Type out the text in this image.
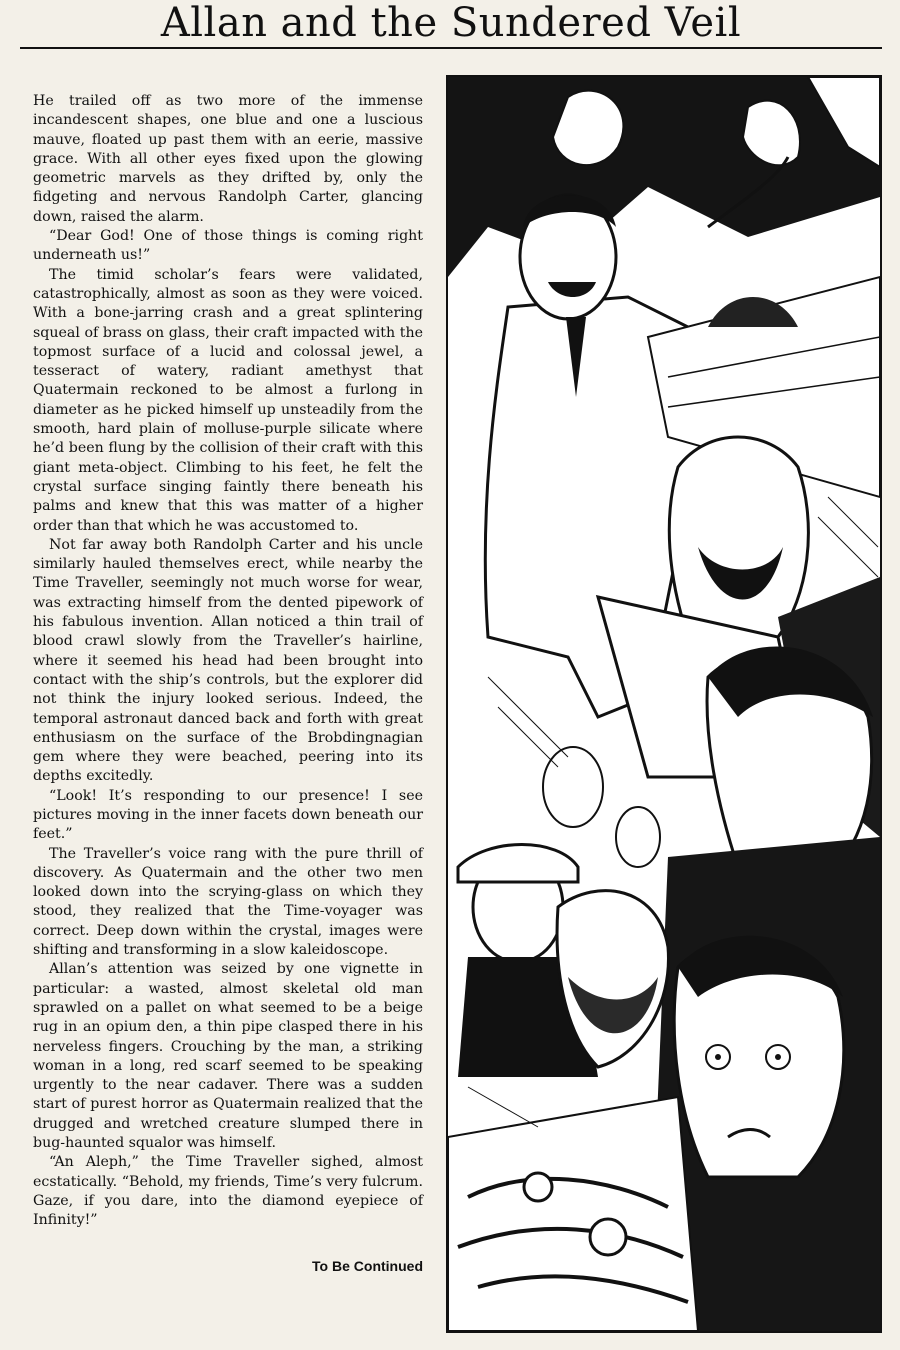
Allan and the Sundered Veil

He trailed off as two more of the immense incandescent shapes, one blue and one a luscious mauve, floated up past them with an eerie, massive grace. With all other eyes fixed upon the glowing geometric marvels as they drifted by, only the fidgeting and nervous Randolph Carter, glancing down, raised the alarm.

“Dear God! One of those things is coming right underneath us!”

The timid scholar’s fears were validated, catastrophically, almost as soon as they were voiced. With a bone-jarring crash and a great splintering squeal of brass on glass, their craft impacted with the topmost surface of a lucid and colossal jewel, a tesseract of watery, radiant amethyst that Quatermain reckoned to be almost a furlong in diameter as he picked himself up unsteadily from the smooth, hard plain of molluse-purple silicate where he’d been flung by the collision of their craft with this giant meta-object. Climbing to his feet, he felt the crystal surface singing faintly there beneath his palms and knew that this was matter of a higher order than that which he was accustomed to.

Not far away both Randolph Carter and his uncle similarly hauled themselves erect, while nearby the Time Traveller, seemingly not much worse for wear, was extracting himself from the dented pipework of his fabulous invention. Allan noticed a thin trail of blood crawl slowly from the Traveller’s hairline, where it seemed his head had been brought into contact with the ship’s controls, but the explorer did not think the injury looked serious. Indeed, the temporal astronaut danced back and forth with great enthusiasm on the surface of the Brobdingnagian gem where they were beached, peering into its depths excitedly.

“Look! It’s responding to our presence! I see pictures moving in the inner facets down beneath our feet.”

The Traveller’s voice rang with the pure thrill of discovery. As Quatermain and the other two men looked down into the scrying-glass on which they stood, they realized that the Time-voyager was correct. Deep down within the crystal, images were shifting and transforming in a slow kaleidoscope.

Allan’s attention was seized by one vignette in particular: a wasted, almost skeletal old man sprawled on a pallet on what seemed to be a beige rug in an opium den, a thin pipe clasped there in his nerveless fingers. Crouching by the man, a striking woman in a long, red scarf seemed to be speaking urgently to the near cadaver. There was a sudden start of purest horror as Quatermain realized that the drugged and wretched creature slumped there in bug-haunted squalor was himself.

“An Aleph,” the Time Traveller sighed, almost ecstatically. “Behold, my friends, Time’s very fulcrum. Gaze, if you dare, into the diamond eyepiece of Infinity!”

To Be Continued
